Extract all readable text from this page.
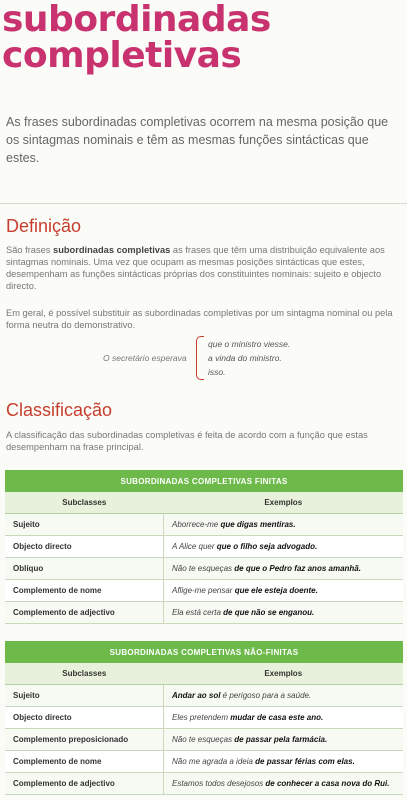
subordinadas
completivas
As frases subordinadas completivas ocorrem na mesma posição que os sintagmas nominais e têm as mesmas funções sintácticas que estes.
Definição
São frases subordinadas completivas as frases que têm uma distribuição equivalente aos sintagmas nominais. Uma vez que ocupam as mesmas posições sintácticas que estes, desempenham as funções sintácticas próprias dos constituintes nominais: sujeito e objecto directo.
Em geral, é possível substituir as subordinadas completivas por um sintagma nominal ou pela forma neutra do demonstrativo.
O secretário esperava
que o ministro viesse.
a vinda do ministro.
isso.
Classificação
A classificação das subordinadas completivas é feita de acordo com a função que estas desempenham na frase principal.
SUBORDINADAS COMPLETIVAS FINITAS	
Subclasses	Exemplos
Sujeito	Aborrece-me que digas mentiras.
Objecto directo	A Alice quer que o filho seja advogado.
Oblíquo	Não te esqueças de que o Pedro faz anos amanhã.
Complemento de nome	Aflige-me pensar que ele esteja doente.
Complemento de adjectivo	Ela está certa de que não se enganou.
SUBORDINADAS COMPLETIVAS NÃO-FINITAS	
Subclasses	Exemplos
Sujeito	Andar ao sol é perigoso para a saúde.
Objecto directo	Eles pretendem mudar de casa este ano.
Complemento preposicionado	Não te esqueças de passar pela farmácia.
Complemento de nome	Não me agrada a ideia de passar férias com elas.
Complemento de adjectivo	Estamos todos desejosos de conhecer a casa nova do Rui.
